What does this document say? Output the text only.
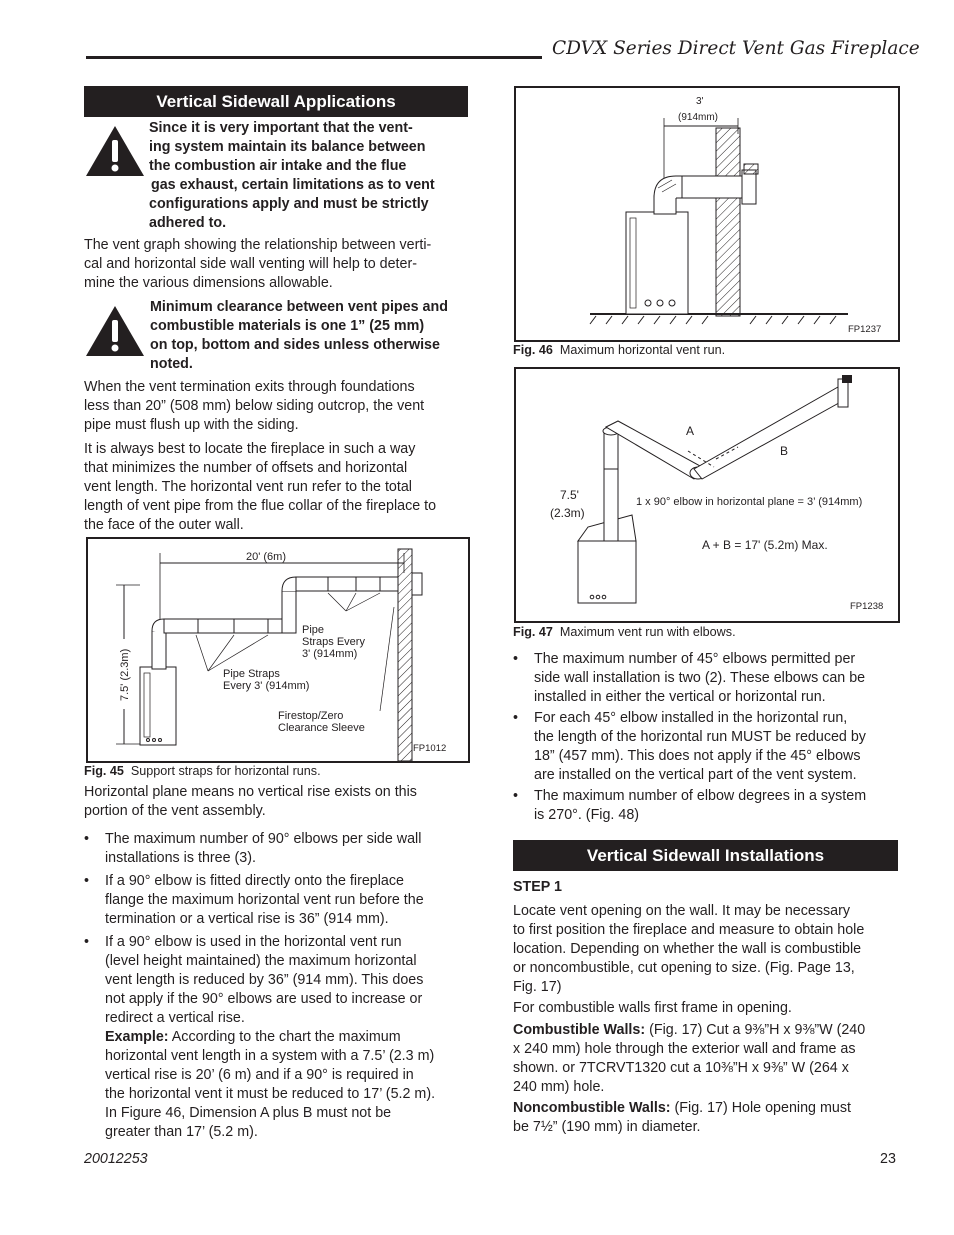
CDVX Series Direct Vent Gas Fireplace
Vertical Sidewall Applications
Since it is very important that the vent-
ing system maintain its balance between
the combustion air intake and the flue
gas exhaust, certain limitations as to vent
configurations apply and must be strictly
adhered to.
The vent graph showing the relationship between verti-
cal and horizontal side wall venting will help to deter-
mine the various dimensions allowable.
Minimum clearance between vent pipes and
combustible materials is one 1” (25 mm)
on top, bottom and sides unless otherwise
noted.
When the vent termination exits through foundations
less than 20” (508 mm) below siding outcrop, the vent
pipe must flush up with the siding.
It is always best to locate the fireplace in such a way
that minimizes the number of offsets and horizontal
vent length. The horizontal vent run refer to the total
length of vent pipe from the flue collar of the fireplace to
the face of the outer wall.
20' (6m)
7.5' (2.3m)
Pipe
Straps Every
3' (914mm)
Pipe Straps
Every 3' (914mm)
Firestop/Zero
Clearance Sleeve
FP1012
Fig. 45 Support straps for horizontal runs.
Horizontal plane means no vertical rise exists on this
portion of the vent assembly.
• The maximum number of 90° elbows per side wall
installations is three (3).
• If a 90° elbow is fitted directly onto the fireplace
flange the maximum horizontal vent run before the
termination or a vertical rise is 36” (914 mm).
• If a 90° elbow is used in the horizontal vent run
(level height maintained) the maximum horizontal
vent length is reduced by 36” (914 mm). This does
not apply if the 90° elbows are used to increase or
redirect a vertical rise.
Example: According to the chart the maximum
horizontal vent length in a system with a 7.5’ (2.3 m)
vertical rise is 20’ (6 m) and if a 90° is required in
the horizontal vent it must be reduced to 17’ (5.2 m).
In Figure 46, Dimension A plus B must not be
greater than 17’ (5.2 m).
3'
(914mm)
FP1237
Fig. 46 Maximum horizontal vent run.
A
B
7.5'
(2.3m)
1 x 90° elbow in horizontal plane = 3’ (914mm)
A + B = 17' (5.2m) Max.
FP1238
Fig. 47 Maximum vent run with elbows.
• The maximum number of 45° elbows permitted per
side wall installation is two (2). These elbows can be
installed in either the vertical or horizontal run.
• For each 45° elbow installed in the horizontal run,
the length of the horizontal run MUST be reduced by
18” (457 mm). This does not apply if the 45° elbows
are installed on the vertical part of the vent system.
• The maximum number of elbow degrees in a system
is 270°. (Fig. 48)
Vertical Sidewall Installations
STEP 1
Locate vent opening on the wall. It may be necessary
to first position the fireplace and measure to obtain hole
location. Depending on whether the wall is combustible
or noncombustible, cut opening to size. (Fig. Page 13,
Fig. 17)
For combustible walls first frame in opening.
Combustible Walls: (Fig. 17) Cut a 9⅜”H x 9⅜”W (240
x 240 mm) hole through the exterior wall and frame as
shown. or 7TCRVT1320 cut a 10⅜”H x 9⅜” W (264 x
240 mm) hole.
Noncombustible Walls: (Fig. 17) Hole opening must
be 7½” (190 mm) in diameter.
20012253	23
